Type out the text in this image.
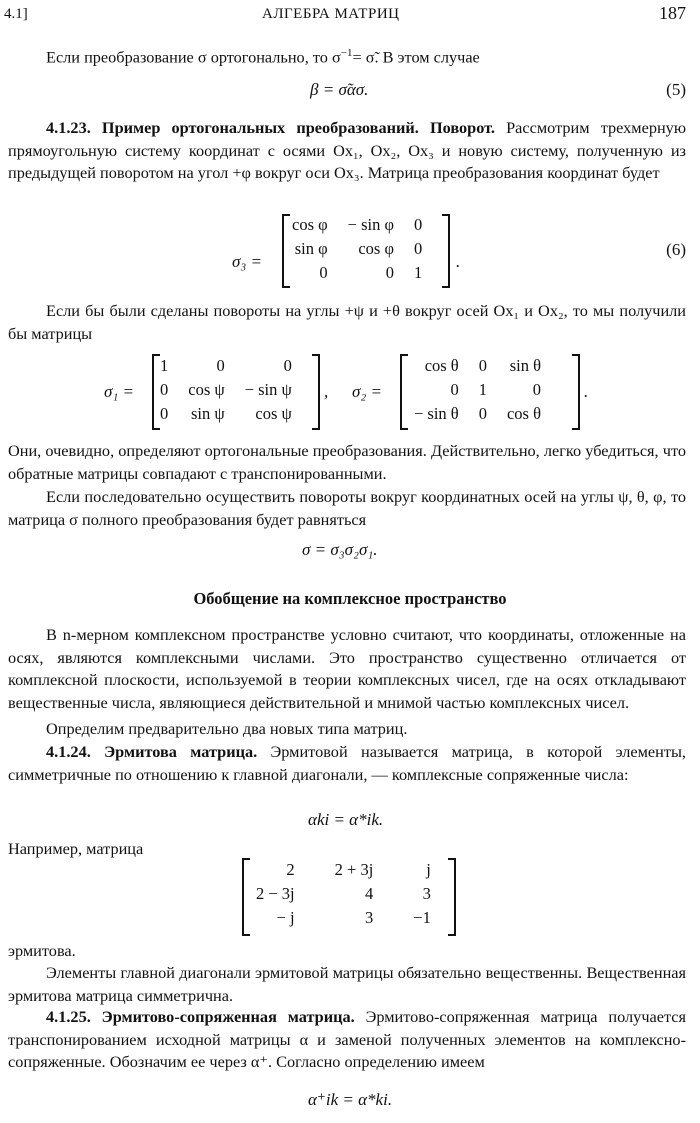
4.1]	АЛГЕБРА МАТРИЦ	187

Если преобразование σ ортогонально, то $\sigma^{-1}=$ σ̃. В этом случае

β = σ̃ασ.	(5)

4.1.23. Пример ортогональных преобразований. Поворот. Рассмотрим трехмерную прямоугольную систему координат с осями Ox₁, Ox₂, Ox₃ и новую систему, полученную из предыдущей поворотом на угол +φ вокруг оси Ox₃. Матрица преобразования координат будет

σ₃ =
cos φ	− sin φ	0
sin φ	cos φ	0
0	0	1
.
(6)

Если бы были сделаны повороты на углы +ψ и +θ вокруг осей Ox₁ и Ox₂, то мы получили бы матрицы

σ₁ =
1	0	0
0	cos ψ	− sin ψ
0	sin ψ	cos ψ
, σ₂ =
cos θ	0	sin θ
0	1	0
− sin θ	0	cos θ
.

Они, очевидно, определяют ортогональные преобразования. Действительно, легко убедиться, что обратные матрицы совпадают с транспонированными.

Если последовательно осуществить повороты вокруг координатных осей на углы ψ, θ, φ, то матрица σ полного преобразования будет равняться

σ = σ₃σ₂σ₁.
Обобщение на комплексное пространство

В n-мерном комплексном пространстве условно считают, что координаты, отложенные на осях, являются комплексными числами. Это пространство существенно отличается от комплексной плоскости, используемой в теории комплексных чисел, где на осях откладывают вещественные числа, являющиеся действительной и мнимой частью комплексных чисел.

Определим предварительно два новых типа матриц.

4.1.24. Эрмитова матрица. Эрмитовой называется матрица, в которой элементы, симметричные по отношению к главной диагонали, — комплексные сопряженные числа:

αki = α*ik.

Например, матрица

2	2 + 3j	j
2 − 3j	4	3
− j	3	−1

эрмитова.

Элементы главной диагонали эрмитовой матрицы обязательно вещественны. Вещественная эрмитова матрица симметрична.

4.1.25. Эрмитово-сопряженная матрица. Эрмитово-сопряженная матрица получается транспонированием исходной матрицы α и заменой полученных элементов на комплексно-сопряженные. Обозначим ее через α⁺. Согласно определению имеем

α⁺ik = α*ki.
